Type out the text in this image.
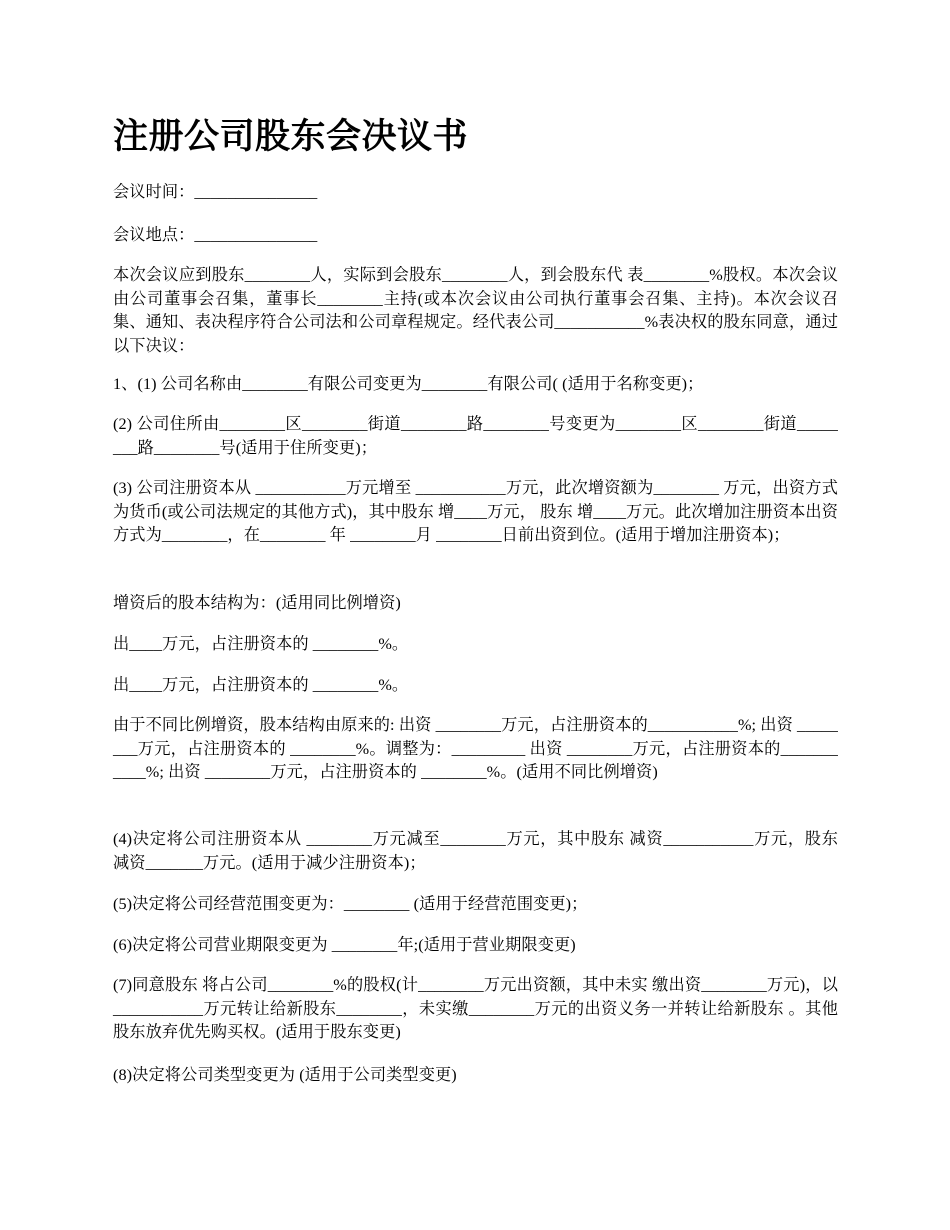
注册公司股东会决议书

会议时间：_______________

会议地点：_______________

本次会议应到股东________人，实际到会股东________人，到会股东代 表________%股权。本次会议由公司董事会召集，董事长________主持(或本次会议由公司执行董事会召集、主持)。本次会议召集、通知、表决程序符合公司法和公司章程规定。经代表公司___________%表决权的股东同意，通过以下决议：

1、(1) 公司名称由________有限公司变更为________有限公司( (适用于名称变更)；

(2) 公司住所由________区________街道________路________号变更为________区________街道________路________号(适用于住所变更)；

(3) 公司注册资本从 ___________万元增至 ___________万元，此次增资额为________ 万元，出资方式为货币(或公司法规定的其他方式)，其中股东 增____万元， 股东 增____万元。此次增加注册资本出资方式为________，在________ 年 ________月 ________日前出资到位。(适用于增加注册资本)；

增资后的股本结构为：(适用同比例增资)

出____万元，占注册资本的 ________%。

出____万元，占注册资本的 ________%。

由于不同比例增资，股本结构由原来的: 出资 ________万元，占注册资本的___________%; 出资 ________万元，占注册资本的 ________%。调整为：_________ 出资 ________万元，占注册资本的___________%; 出资 ________万元，占注册资本的 ________%。(适用不同比例增资)

(4)决定将公司注册资本从 ________万元减至________万元，其中股东 减资___________万元，股东 减资_______万元。(适用于减少注册资本)；

(5)决定将公司经营范围变更为：________ (适用于经营范围变更)；

(6)决定将公司营业期限变更为 ________年;(适用于营业期限变更)

(7)同意股东 将占公司________%的股权(计________万元出资额，其中未实 缴出资________万元)，以___________万元转让给新股东________，未实缴________万元的出资义务一并转让给新股东 。其他股东放弃优先购买权。(适用于股东变更)

(8)决定将公司类型变更为 (适用于公司类型变更)
